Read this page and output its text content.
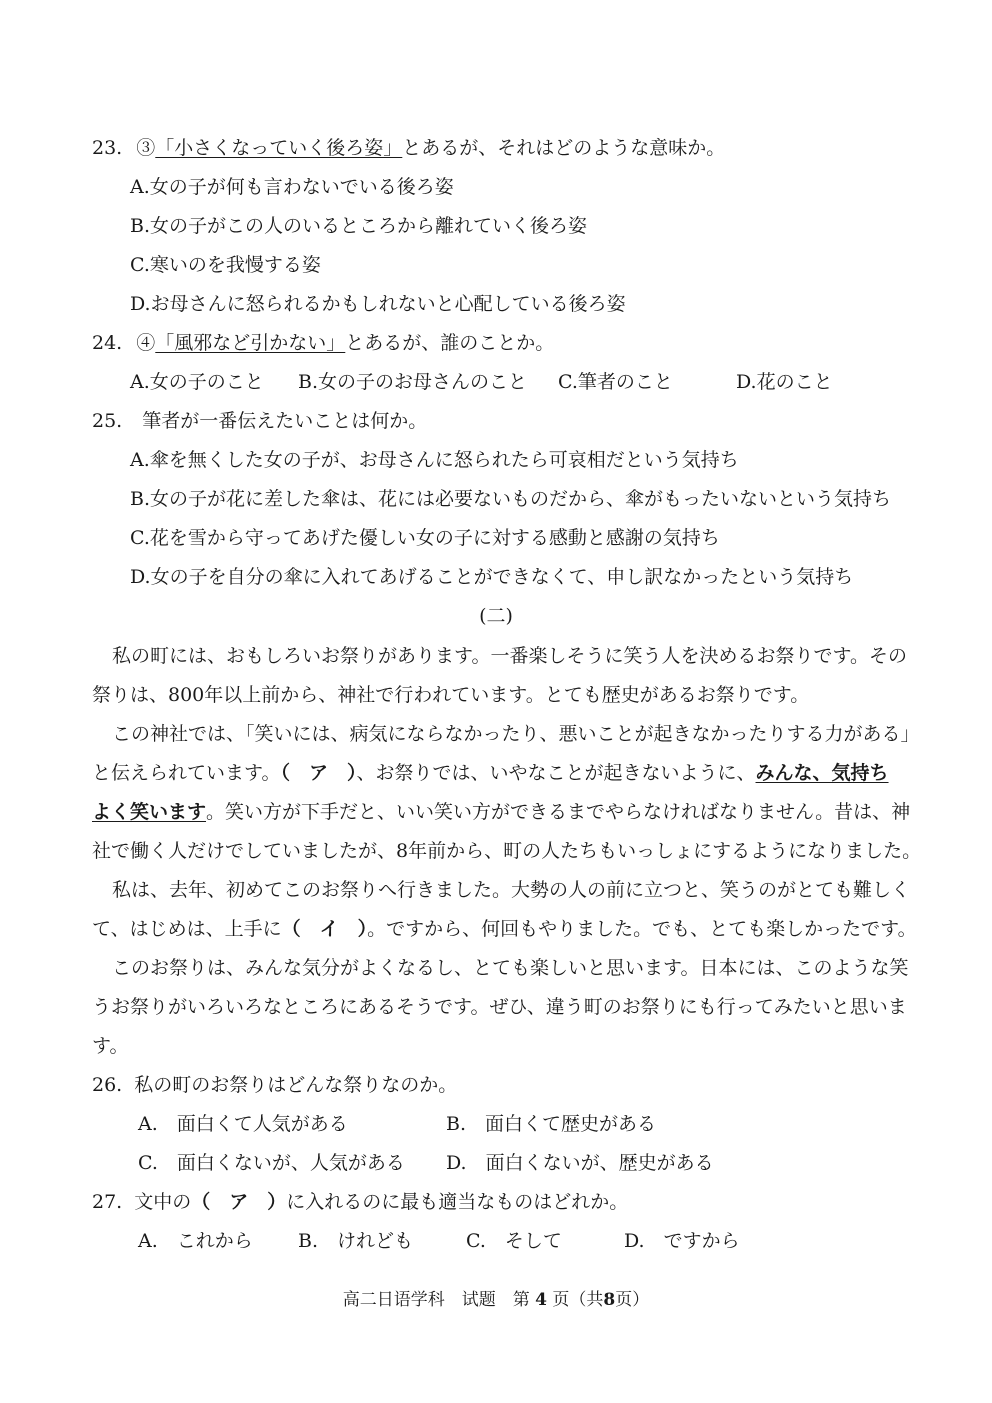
23. ③「小さくなっていく後ろ姿」とあるが、それはどのような意味か。
A.女の子が何も言わないでいる後ろ姿
B.女の子がこの人のいるところから離れていく後ろ姿
C.寒いのを我慢する姿
D.お母さんに怒られるかもしれないと心配している後ろ姿
24. ④「風邪など引かない」とあるが、誰のことか。
A.女の子のこと B.女の子のお母さんのこと C.筆者のこと	D.花のこと
25. 筆者が一番伝えたいことは何か。
A.傘を無くした女の子が、お母さんに怒られたら可哀相だという気持ち
B.女の子が花に差した傘は、花には必要ないものだから、傘がもったいないという気持ち
C.花を雪から守ってあげた優しい女の子に対する感動と感謝の気持ち
D.女の子を自分の傘に入れてあげることができなくて、申し訳なかったという気持ち
(二)
私の町には、おもしろいお祭りがあります。一番楽しそうに笑う人を決めるお祭りです。その
祭りは、800年以上前から、神社で行われています。とても歴史があるお祭りです。
この神社では、「笑いには、病気にならなかったり、悪いことが起きなかったりする力がある」
と伝えられています。（　ア　）、お祭りでは、いやなことが起きないように、みんな、気持ち
よく笑います。笑い方が下手だと、いい笑い方ができるまでやらなければなりません。昔は、神
社で働く人だけでしていましたが、8年前から、町の人たちもいっしょにするようになりました。
私は、去年、初めてこのお祭りへ行きました。大勢の人の前に立つと、笑うのがとても難しく
て、はじめは、上手に（　イ　）。ですから、何回もやりました。でも、とても楽しかったです。
このお祭りは、みんな気分がよくなるし、とても楽しいと思います。日本には、このような笑
うお祭りがいろいろなところにあるそうです。ぜひ、違う町のお祭りにも行ってみたいと思いま
す。
26. 私の町のお祭りはどんな祭りなのか。
A.　面白くて人気がある	B.　面白くて歴史がある
C.　面白くないが、人気がある D.　面白くないが、歴史がある
27. 文中の（　ア　）に入れるのに最も適当なものはどれか。
A.　これから B.　けれども	C.　そして	D.　ですから
高二日语学科　试题　第 4 页（共8页）
